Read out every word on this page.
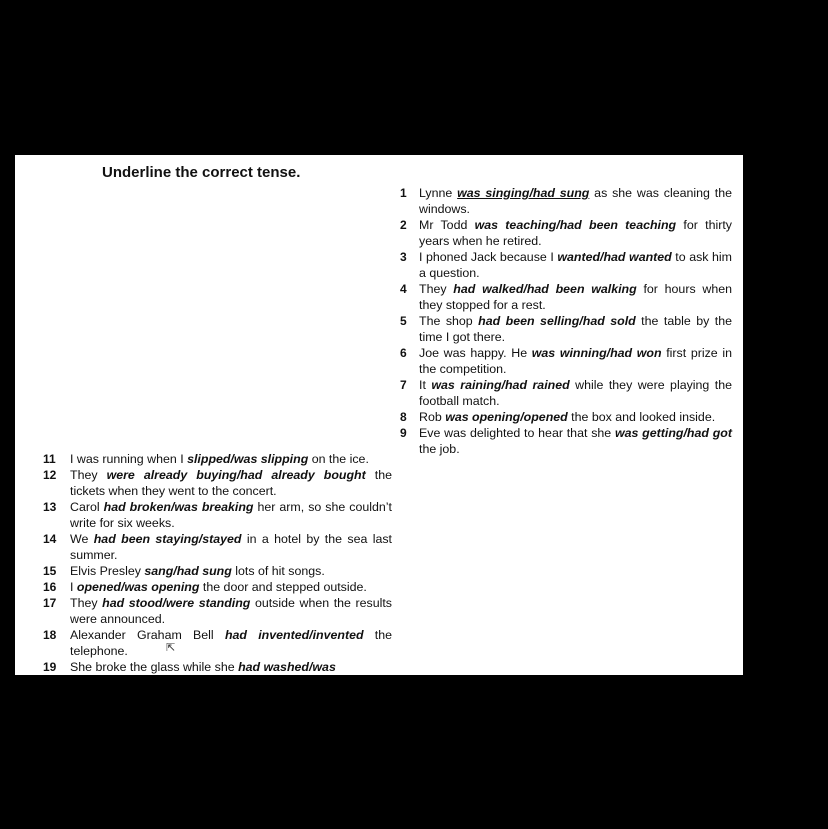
Underline the correct tense.
1 Lynne was singing/had sung as she was cleaning the windows.
2 Mr Todd was teaching/had been teaching for thirty years when he retired.
3 I phoned Jack because I wanted/had wanted to ask him a question.
4 They had walked/had been walking for hours when they stopped for a rest.
5 The shop had been selling/had sold the table by the time I got there.
6 Joe was happy. He was winning/had won first prize in the competition.
7 It was raining/had rained while they were playing the football match.
8 Rob was opening/opened the box and looked inside.
9 Eve was delighted to hear that she was getting/had got the job.
11	I was running when I slipped/was slipping on the ice.
12	They were already buying/had already bought the tickets when they went to the concert.
13	Carol had broken/was breaking her arm, so she couldn’t write for six weeks.
14	We had been staying/stayed in a hotel by the sea last summer.
15	Elvis Presley sang/had sung lots of hit songs.
16	I opened/was opening the door and stepped outside.
17	They had stood/were standing outside when the results were announced.
18	Alexander Graham Bell had invented/invented the telephone.
19	She broke the glass while she had washed/was
⇱
